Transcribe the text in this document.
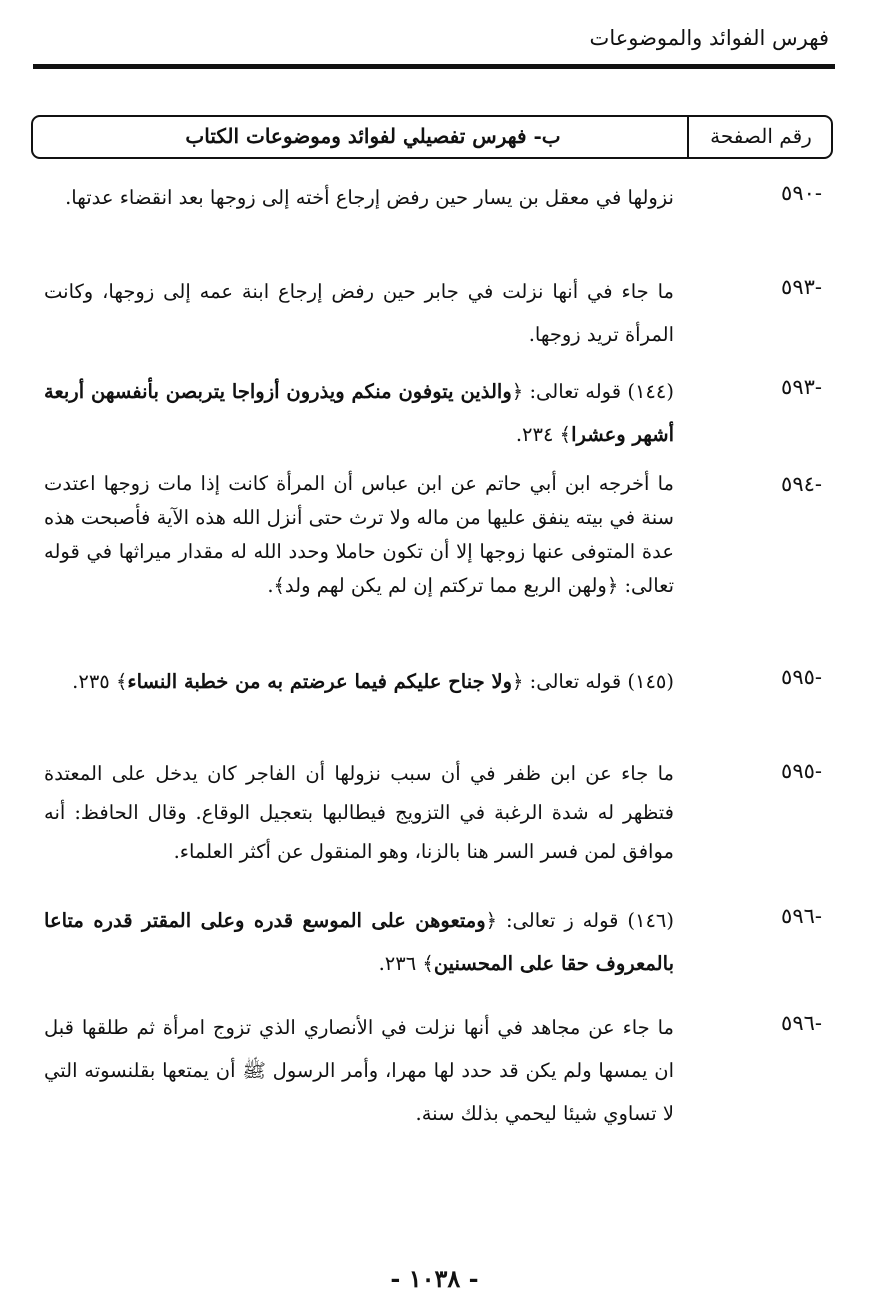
فهرس الفوائد والموضوعات
ب- فهرس تفصيلي لفوائد وموضوعات الكتاب	رقم الصفحة
-٥٩٠

نزولها في معقل بن يسار حين رفض إرجاع أخته إلى زوجها بعد انقضاء عدتها.

-٥٩٣

ما جاء في أنها نزلت في جابر حين رفض إرجاع ابنة عمه إلى زوجها، وكانت المرأة تريد زوجها.

-٥٩٣

(١٤٤) قوله تعالى: ﴿والذين يتوفون منكم ويذرون أزواجا يتربصن بأنفسهن أربعة أشهر وعشرا﴾ ٢٣٤.

-٥٩٤

ما أخرجه ابن أبي حاتم عن ابن عباس أن المرأة كانت إذا مات زوجها اعتدت سنة في بيته ينفق عليها من ماله ولا ترث حتى أنزل الله هذه الآية فأصبحت هذه عدة المتوفى عنها زوجها إلا أن تكون حاملا وحدد الله له مقدار ميراثها في قوله تعالى: ﴿ولهن الربع مما تركتم إن لم يكن لهم ولد﴾.

-٥٩٥

(١٤٥) قوله تعالى: ﴿ولا جناح عليكم فيما عرضتم به من خطبة النساء﴾ ٢٣٥.

-٥٩٥

ما جاء عن ابن ظفر في أن سبب نزولها أن الفاجر كان يدخل على المعتدة فتظهر له شدة الرغبة في التزويج فيطالبها بتعجيل الوقاع. وقال الحافظ: أنه موافق لمن فسر السر هنا بالزنا، وهو المنقول عن أكثر العلماء.

-٥٩٦

(١٤٦) قوله ز تعالى: ﴿ومتعوهن على الموسع قدره وعلى المقتر قدره متاعا بالمعروف حقا على المحسنين﴾ ٢٣٦.

-٥٩٦

ما جاء عن مجاهد في أنها نزلت في الأنصاري الذي تزوج امرأة ثم طلقها قبل ان يمسها ولم يكن قد حدد لها مهرا، وأمر الرسول ﷺ أن يمتعها بقلنسوته التي لا تساوي شيئا ليحمي بذلك سنة.

- ١٠٣٨ -
